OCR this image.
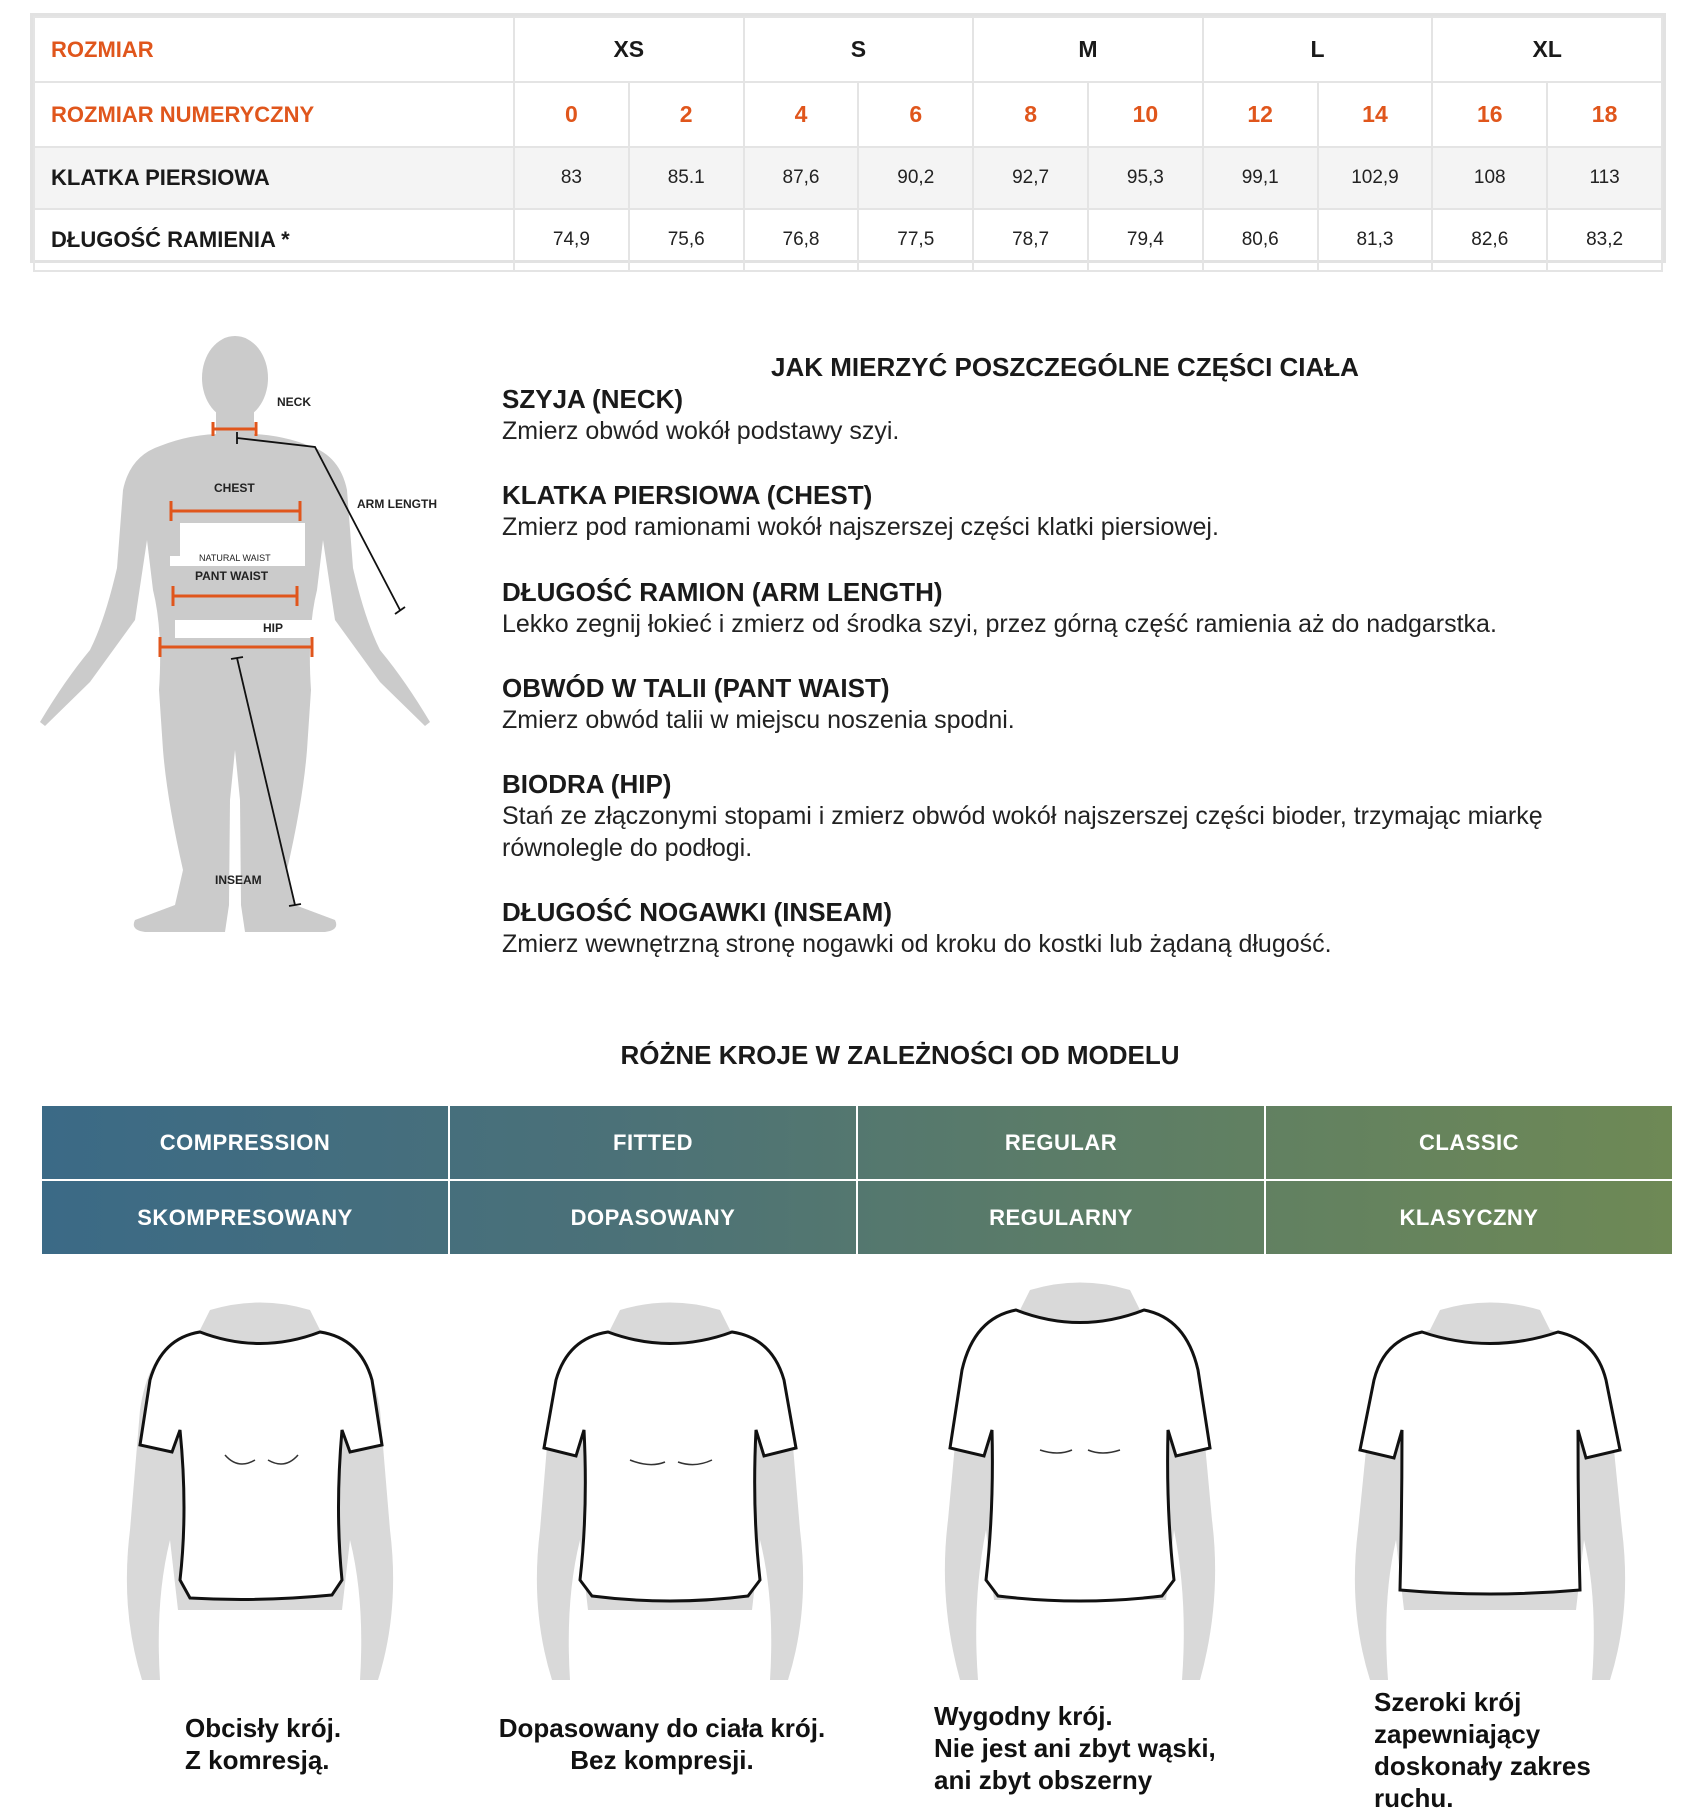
ROZMIAR	XS		S		M		L		XL	
ROZMIAR NUMERYCZNY	0	2	4	6	8	10	12	14	16	18
KLATKA PIERSIOWA	83	85.1	87,6	90,2	92,7	95,3	99,1	102,9	108	113
DŁUGOŚĆ RAMIENIA *	74,9	75,6	76,8	77,5	78,7	79,4	80,6	81,3	82,6	83,2
NECK
CHEST
NATURAL WAIST
PANT WAIST
HIP
ARM LENGTH
INSEAM
JAK MIERZYĆ POSZCZEGÓLNE CZĘŚCI CIAŁA
SZYJA (NECK)
Zmierz obwód wokół podstawy szyi.
KLATKA PIERSIOWA (CHEST)
Zmierz pod ramionami wokół najszerszej części klatki piersiowej.
DŁUGOŚĆ RAMION (ARM LENGTH)
Lekko zegnij łokieć i zmierz od środka szyi, przez górną część ramienia aż do nadgarstka.
OBWÓD W TALII (PANT WAIST)
Zmierz obwód talii w miejscu noszenia spodni.
BIODRA (HIP)
Stań ze złączonymi stopami i zmierz obwód wokół najszerszej części bioder, trzymając miarkę
równolegle do podłogi.
DŁUGOŚĆ NOGAWKI (INSEAM)
Zmierz wewnętrzną stronę nogawki od kroku do kostki lub żądaną długość.
RÓŻNE KROJE W ZALEŻNOŚCI OD MODELU
COMPRESSION	FITTED	REGULAR	CLASSIC
SKOMPRESOWANY	DOPASOWANY	REGULARNY	KLASYCZNY
Obcisły krój.
Z komresją.
Dopasowany do ciała krój.
Bez kompresji.
Wygodny krój.
Nie jest ani zbyt wąski,
ani zbyt obszerny
Szeroki krój
zapewniający
doskonały zakres
ruchu.
